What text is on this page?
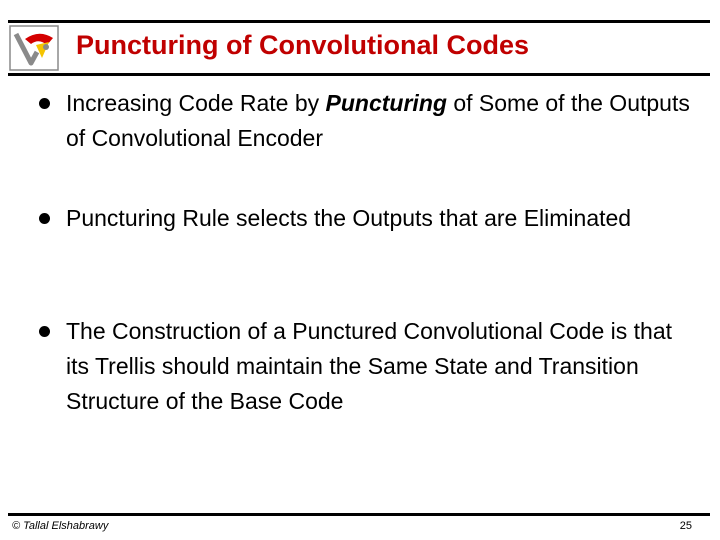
Puncturing of Convolutional Codes
Increasing Code Rate by Puncturing of Some of the Outputs of Convolutional Encoder
Puncturing Rule selects the Outputs that are Eliminated
The Construction of a Punctured Convolutional Code is that its Trellis should maintain the Same State and Transition Structure of the Base Code
© Tallal Elshabrawy	25
